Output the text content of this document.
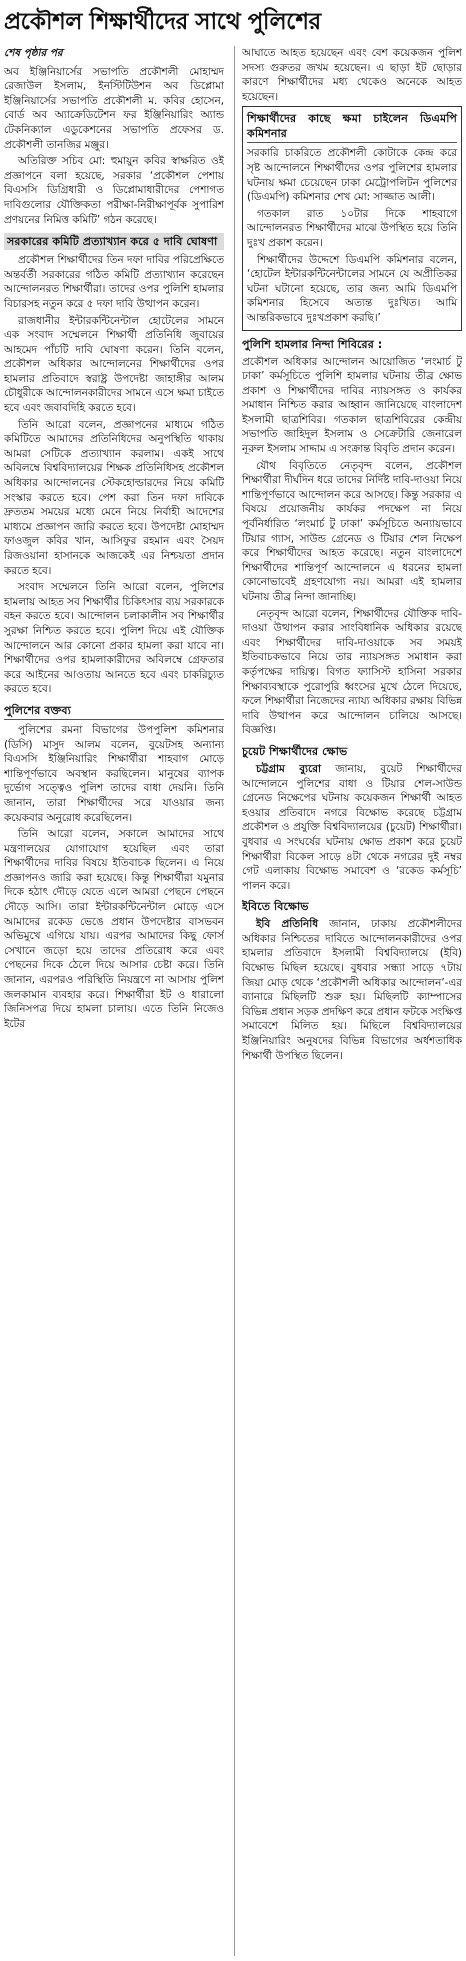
প্রকৌশল শিক্ষার্থীদের সাথে পুলিশের

শেষ পৃষ্ঠার পর

অব ইঞ্জিনিয়ার্সের সভাপতি প্রকৌশলী মোহাম্মদ রেজাউল ইসলাম, ইনস্টিটিউশন অব ডিপ্লোমা ইঞ্জিনিয়ার্সের সভাপতি প্রকৌশলী ম. কবির হোসেন, বোর্ড অব অ্যাক্রেডিটেশন ফর ইঞ্জিনিয়ারিং অ্যান্ড টেকনিক্যাল এডুকেশনের সভাপতি প্রফেসর ড. প্রকৌশলী তানজির মঞ্জুর।

অতিরিক্ত সচিব মো: হুমায়ুন কবির স্বাক্ষরিত ওই প্রজ্ঞাপনে বলা হয়েছে, সরকার ‘প্রকৌশল পেশায় বিএসসি ডিগ্রিধারী ও ডিপ্লোমাধারীদের পেশাগত দাবিগুলোর যৌক্তিকতা পরীক্ষা-নিরীক্ষাপূর্বক সুপারিশ প্রণয়নের নিমিত্ত কমিটি’ গঠন করেছে।

সরকারের কমিটি প্রত্যাখ্যান করে ৫ দাবি ঘোষণা

প্রকৌশল শিক্ষার্থীদের তিন দফা দাবির পরিপ্রেক্ষিতে অন্তর্বর্তী সরকারের গঠিত কমিটি প্রত্যাখ্যান করেছেন আন্দোলনরত শিক্ষার্থীরা। তাদের ওপর পুলিশি হামলার বিচারসহ নতুন করে ৫ দফা দাবি উত্থাপন করেন।

রাজধানীর ইন্টারকন্টিনেন্টাল হোটেলের সামনে এক সংবাদ সম্মেলনে শিক্ষার্থী প্রতিনিধি জুবায়ের আহমেদ পাঁচটি দাবি ঘোষণা করেন। তিনি বলেন, প্রকৌশল অধিকার আন্দোলনের শিক্ষার্থীদের ওপর হামলার প্রতিবাদে স্বরাষ্ট্র উপদেষ্টা জাহাঙ্গীর আলম চৌধুরীকে আন্দোলনকারীদের সামনে এসে ক্ষমা চাইতে হবে এবং জবাবদিহি করতে হবে।

তিনি আরো বলেন, প্রজ্ঞাপনের মাধ্যমে গঠিত কমিটিতে আমাদের প্রতিনিধিদের অনুপস্থিতি থাকায় আমরা সেটিকে প্রত্যাখ্যান করলাম। একই সাথে অবিলম্বে বিশ্ববিদ্যালয়ের শিক্ষক প্রতিনিধিসহ প্রকৌশল অধিকার আন্দোলনের স্টেকহোল্ডারদের নিয়ে কমিটি সংস্কার করতে হবে। পেশ করা তিন দফা দাবিকে দ্রুততম সময়ের মধ্যে মেনে নিয়ে নির্বাহী আদেশের মাধ্যমে প্রজ্ঞাপন জারি করতে হবে। উপদেষ্টা মোহাম্মদ ফাওজুল কবির খান, আসিফুর রহমান এবং সৈয়দ রিজওয়ানা হাসানকে আজকেই এর নিশ্চয়তা প্রদান করতে হবে।

সংবাদ সম্মেলনে তিনি আরো বলেন, পুলিশের হামলায় আহত সব শিক্ষার্থীর চিকিৎসার ব্যয় সরকারকে বহন করতে হবে। আন্দোলন চলাকালীন সব শিক্ষার্থীর সুরক্ষা নিশ্চিত করতে হবে। পুলিশ দিয়ে এই যৌক্তিক আন্দোলনে আর কোনো প্রকার হামলা করা যাবে না। শিক্ষার্থীদের ওপর হামলাকারীদের অবিলম্বে গ্রেফতার করে আইনের আওতায় আনতে হবে এবং চাকরিচ্যুত করতে হবে।

পুলিশের বক্তব্য

পুলিশের রমনা বিভাগের উপপুলিশ কমিশনার (ডিসি) মাসুদ আলম বলেন, বুয়েটসহ অন্যান্য বিএসসি ইঞ্জিনিয়ারিং শিক্ষার্থীরা শাহবাগ মোড়ে শান্তিপূর্ণভাবে অবস্থান করছিলেন। মানুষের ব্যাপক দুর্ভোগ সত্ত্বেও পুলিশ তাদের বাধা দেয়নি। তিনি জানান, তারা শিক্ষার্থীদের সরে যাওয়ার জন্য কয়েকবার অনুরোধ করেছিলেন।

তিনি আরো বলেন, সকালে আমাদের সাথে মন্ত্রণালয়ের যোগাযোগ হয়েছিল এবং তারা শিক্ষার্থীদের দাবির বিষয়ে ইতিবাচক ছিলেন। এ নিয়ে প্রজ্ঞাপনও জারি করা হয়েছে। কিন্তু শিক্ষার্থীরা যমুনার দিকে হঠাৎ দৌড়ে যেতে এলে আমরা পেছনে পেছনে দৌড়ে আসি। তারা ইন্টারকন্টিনেন্টাল মোড়ে এসে আমাদের রকেড ভেঙে প্রধান উপদেষ্টার বাসভবন অভিমুখে এগিয়ে যায়। এরপর আমাদের কিছু ফোর্স সেখানে জড়ো হয়ে তাদের প্রতিরোধ করে এবং পেছনের দিকে ঠেলে দিয়ে আসার চেষ্টা করে। তিনি জানান, এরপরও পরিস্থিতি নিয়ন্ত্রণে না আসায় পুলিশ জলকামান ব্যবহার করে। শিক্ষার্থীরা ইট ও ধারালো জিনিসপত্র দিয়ে হামলা চালায়। এতে তিনি নিজেও ইটের

আঘাতে আহত হয়েছেন এবং বেশ কয়েকজন পুলিশ সদস্য গুরুতর জখম হয়েছেন। এ ছাড়া ইট ছোড়ার কারণে শিক্ষার্থীদের মধ্য থেকেও অনেকে আহত হয়েছেন।

শিক্ষার্থীদের কাছে ক্ষমা চাইলেন ডিএমপি কমিশনার

সরকারি চাকরিতে প্রকৌশলী কোটাকে কেন্দ্র করে সৃষ্ট আন্দোলনে শিক্ষার্থীদের ওপর পুলিশের হামলার ঘটনায় ক্ষমা চেয়েছেন ঢাকা মেট্রোপলিটন পুলিশের (ডিএমপি) কমিশনার শেখ মো: সাজ্জাত আলী।

গতকাল রাত ১০টার দিকে শাহবাগে আন্দোলনরত শিক্ষার্থীদের মাঝে উপস্থিত হয়ে তিনি দুঃখ প্রকাশ করেন।

শিক্ষার্থীদের উদ্দেশে ডিএমপি কমিশনার বলেন, ‘হোটেল ইন্টারকন্টিনেন্টালের সামনে যে অপ্রীতিকর ঘটনা ঘটানো হয়েছে, তার জন্য আমি ডিএমপি কমিশনার হিসেবে অত্যন্ত দুঃখিত। আমি আন্তরিকভাবে দুঃখপ্রকাশ করছি।’

পুলিশি হামলার নিন্দা শিবিরের :

প্রকৌশল অধিকার আন্দোলন আয়োজিত ‘লংমার্চ টু ঢাকা’ কর্মসূচিতে পুলিশি হামলার ঘটনায় তীব্র ক্ষোভ প্রকাশ ও শিক্ষার্থীদের দাবির ন্যায়সঙ্গত ও কার্যকর সমাধান নিশ্চিত করার আহ্বান জানিয়েছে বাংলাদেশ ইসলামী ছাত্রশিবির। গতকাল ছাত্রশিবিরের কেন্দ্রীয় সভাপতি জাহিদুল ইসলাম ও সেক্রেটারি জেনারেল নূরুল ইসলাম সাদ্দাম এ সংক্রান্ত বিবৃতি প্রদান করেন।

যৌথ বিবৃতিতে নেতৃবৃন্দ বলেন, প্রকৌশল শিক্ষার্থীরা দীর্ঘদিন ধরে তাদের নির্দিষ্ট দাবি-দাওয়া নিয়ে শান্তিপূর্ণভাবে আন্দোলন করে আসছে। কিন্তু সরকার এ বিষয়ে প্রয়োজনীয় কার্যকর পদক্ষেপ না নিয়ে পূর্বনির্ধারিত ‘লংমার্চ টু ঢাকা’ কর্মসূচিতে অন্যায়ভাবে টিয়ার গ্যাস, সাউন্ড গ্রেনেড ও টিয়ার শেল নিক্ষেপ করে শিক্ষার্থীদের আহত করেছে। নতুন বাংলাদেশে শিক্ষার্থীদের শান্তিপূর্ণ আন্দোলনে এ ধরনের হামলা কোনোভাবেই গ্রহণযোগ্য নয়। আমরা এই হামলার ঘটনায় তীব্র নিন্দা জানাচ্ছি।

নেতৃবৃন্দ আরো বলেন, শিক্ষার্থীদের যৌক্তিক দাবি-দাওয়া উত্থাপন করার সাংবিধানিক অধিকার রয়েছে এবং শিক্ষার্থীদের দাবি-দাওয়াকে সব সময়ই ইতিবাচকভাবে নিয়ে তার ন্যায়সঙ্গত সমাধান করা কর্তৃপক্ষের দায়িত্ব। বিগত ফ্যাসিস্ট হাসিনা সরকার শিক্ষাব্যবস্থাকে পুরোপুরি ধ্বংসের মুখে ঠেলে দিয়েছে, ফলে শিক্ষার্থীরা নিজেদের ন্যায্য অধিকার রক্ষায় বিভিন্ন দাবি উত্থাপন করে আন্দোলন চালিয়ে আসছে। বিজ্ঞপ্তি।

চুয়েট শিক্ষার্থীদের ক্ষোভ

চট্টগ্রাম ব্যুরো জানায়, বুয়েট শিক্ষার্থীদের আন্দোলনে পুলিশের বাধা ও টিয়ার শেল-সাউন্ড গ্রেনেড নিক্ষেপের ঘটনায় কয়েকজন শিক্ষার্থী আহত হওয়ার প্রতিবাদে নগরে বিক্ষোভ করেছে চট্টগ্রাম প্রকৌশল ও প্রযুক্তি বিশ্ববিদ্যালয়ের (চুয়েট) শিক্ষার্থীরা। বুধবার এ সংঘর্ষের ঘটনায় ক্ষোভ প্রকাশ করে চুয়েট শিক্ষার্থীরা বিকেল সাড়ে ৪টা থেকে নগরের দুই নম্বর গেট এলাকায় বিক্ষোভ সমাবেশ ও ‘রকেড কর্মসূচি’ পালন করে।

ইবিতে বিক্ষোভ

ইবি প্রতিনিধি জানান, ঢাকায় প্রকৌশলীদের অধিকার নিশ্চিতের দাবিতে আন্দোলনকারীদের ওপর হামলার প্রতিবাদে ইসলামী বিশ্ববিদ্যালয়ে (ইবি) বিক্ষোভ মিছিল হয়েছে। বুধবার সন্ধ্যা সাড়ে ৭টায় জিয়া মোড় থেকে ‘প্রকৌশলী অধিকার আন্দোলন’-এর ব্যানারে মিছিলটি শুরু হয়। মিছিলটি ক্যাম্পাসের বিভিন্ন প্রধান সড়ক প্রদক্ষিণ করে প্রধান ফটকে সংক্ষিপ্ত সমাবেশে মিলিত হয়। মিছিলে বিশ্ববিদ্যালয়ের ইঞ্জিনিয়ারিং অনুষদের বিভিন্ন বিভাগের অর্ধশতাধিক শিক্ষার্থী উপস্থিত ছিলেন।
